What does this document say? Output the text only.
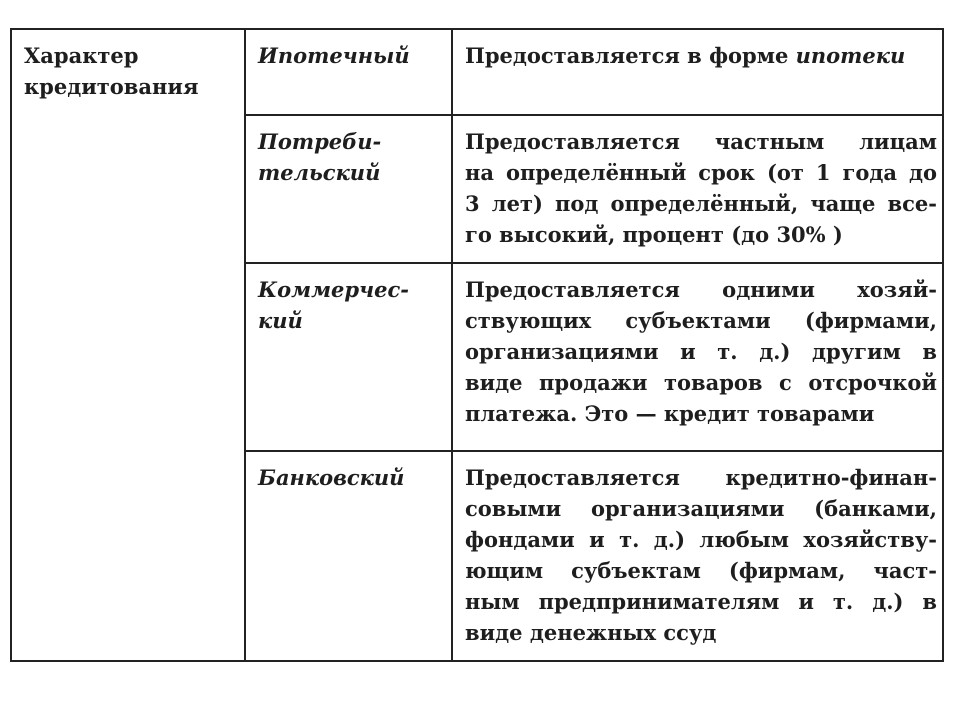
Характер
кредитования
Ипотечный
Потреби-
тельский
Коммерчес-
кий
Банковский
Предоставляется в форме ипотеки
Предоставляется частным лицам
на определённый срок (от 1 года до
3 лет) под определённый, чаще все-
го высокий, процент (до 30% )
Предоставляется одними хозяй-
ствующих субъектами (фирмами,
организациями и т. д.) другим в
виде продажи товаров с отсрочкой
платежа. Это — кредит товарами
Предоставляется кредитно-финан-
совыми организациями (банками,
фондами и т. д.) любым хозяйству-
ющим субъектам (фирмам, част-
ным предпринимателям и т. д.) в
виде денежных ссуд
